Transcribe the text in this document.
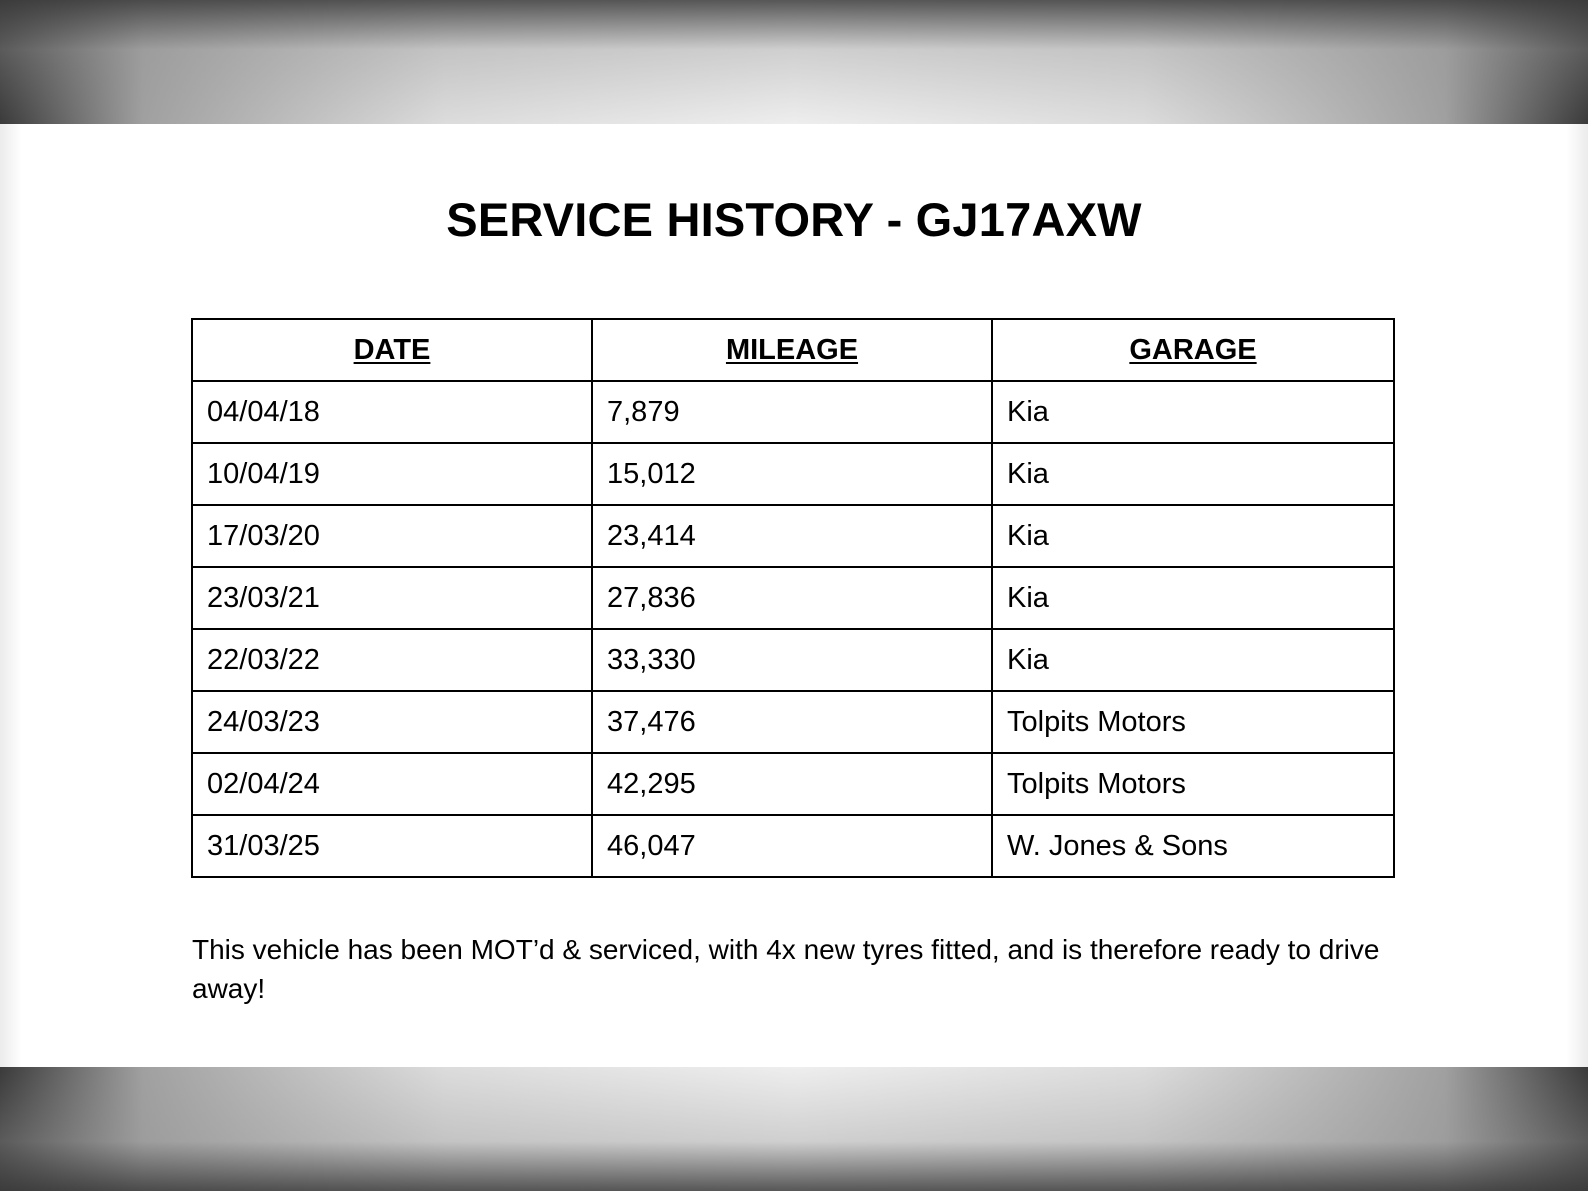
SERVICE HISTORY - GJ17AXW
DATE	MILEAGE	GARAGE
04/04/18	7,879	Kia
10/04/19	15,012	Kia
17/03/20	23,414	Kia
23/03/21	27,836	Kia
22/03/22	33,330	Kia
24/03/23	37,476	Tolpits Motors
02/04/24	42,295	Tolpits Motors
31/03/25	46,047	W. Jones & Sons

This vehicle has been MOT’d & serviced, with 4x new tyres fitted, and is therefore ready to drive away!
